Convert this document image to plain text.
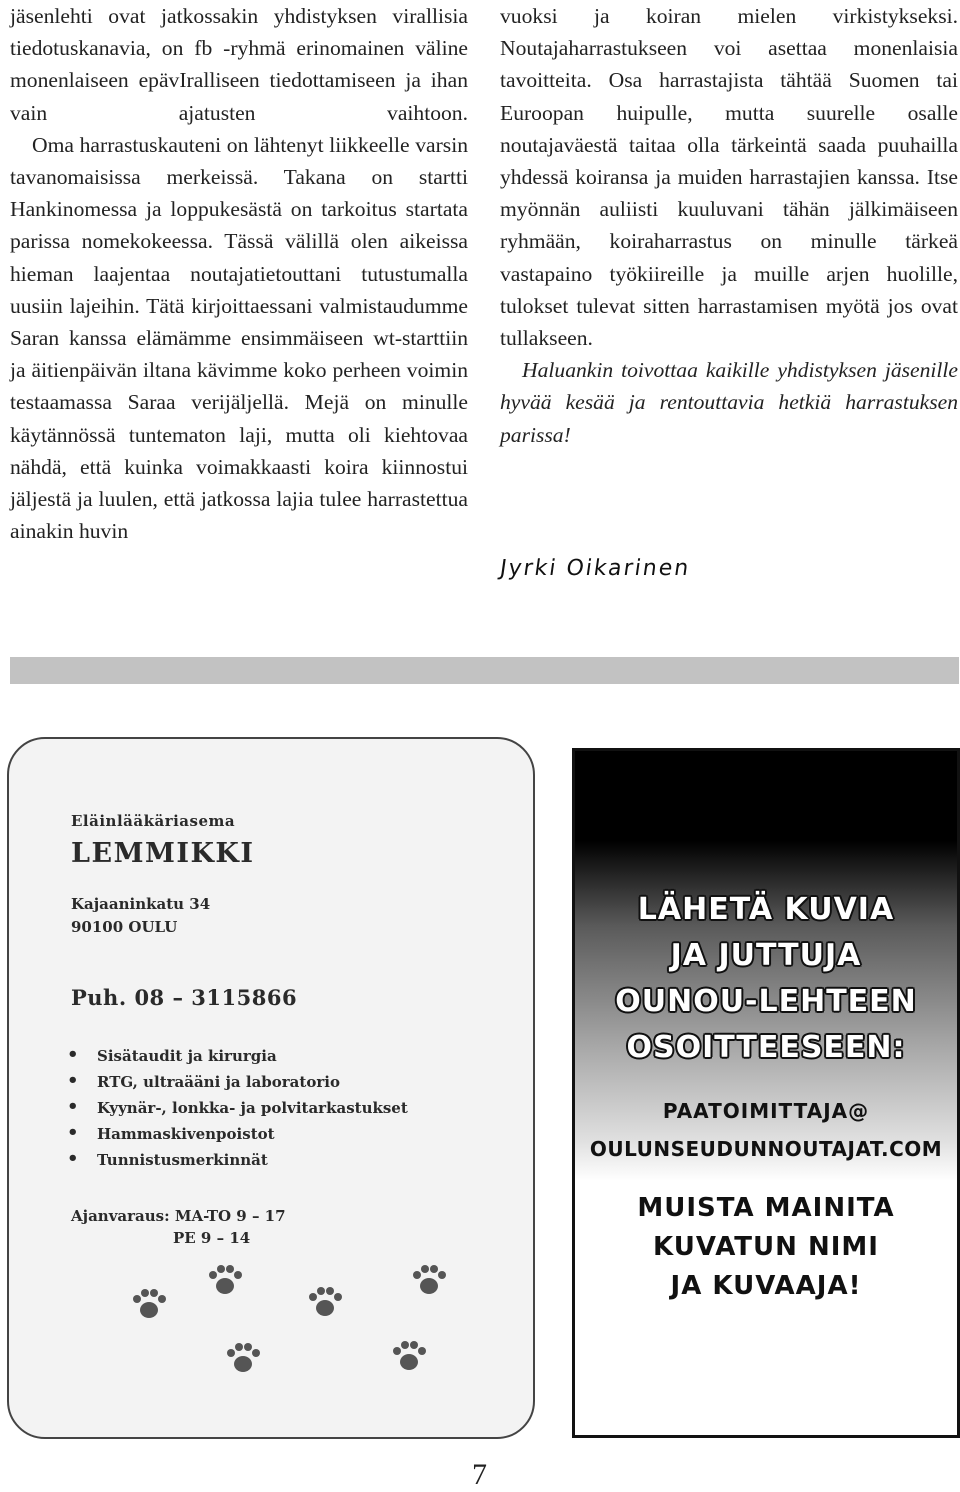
jäsenlehti ovat jatkossakin yhdistyksen virallisia tiedotuskanavia, on fb -ryhmä erinomainen väline monenlaiseen epävIralliseen tiedottamiseen ja ihan vain ajatusten vaihtoon.

Oma harrastuskauteni on lähtenyt liikkeelle varsin tavanomaisissa merkeissä. Takana on startti Hankinomessa ja loppukesästä on tarkoitus startata parissa nomekokeessa. Tässä välillä olen aikeissa hieman laajentaa noutajatietouttani tutustumalla uusiin lajeihin. Tätä kirjoittaessani valmistaudumme Saran kanssa elämämme ensimmäiseen wt-starttiin ja äitienpäivän iltana kävimme koko perheen voimin testaamassa Saraa verijäljellä. Mejä on minulle käytännössä tuntematon laji, mutta oli kiehtovaa nähdä, että kuinka voimakkaasti koira kiinnostui jäljestä ja luulen, että jatkossa lajia tulee harrastettua ainakin huvin

vuoksi ja koiran mielen virkistykseksi. Noutajaharrastukseen voi asettaa monenlaisia tavoitteita. Osa harrastajista tähtää Suomen tai Euroopan huipulle, mutta suurelle osalle noutajaväestä taitaa olla tärkeintä saada puuhailla yhdessä koiransa ja muiden harrastajien kanssa. Itse myönnän auliisti kuuluvani tähän jälkimäiseen ryhmään, koiraharrastus on minulle tärkeä vastapaino työkiireille ja muille arjen huolille, tulokset tulevat sitten harrastamisen myötä jos ovat tullakseen.

Haluankin toivottaa kaikille yhdistyksen jäsenille hyvää kesää ja rentouttavia hetkiä harrastuksen parissa!

Jyrki Oikarinen
Eläinlääkäriasema
LEMMIKKI
Kajaaninkatu 34
90100 OULU
Puh. 08 – 3115866
• Sisätaudit ja kirurgia
• RTG, ultraääni ja laboratorio
• Kyynär-, lonkka- ja polvitarkastukset
• Hammaskivenpoistot
• Tunnistusmerkinnät
Ajanvaraus: MA-TO 9 – 17
PE 9 – 14
LÄHETÄ KUVIA
JA JUTTUJA
OUNOU-LEHTEEN
OSOITTEESEEN:
PAATOIMITTAJA@
OULUNSEUDUNNOUTAJAT.COM
MUISTA MAINITA
KUVATUN NIMI
JA KUVAAJA!
7
